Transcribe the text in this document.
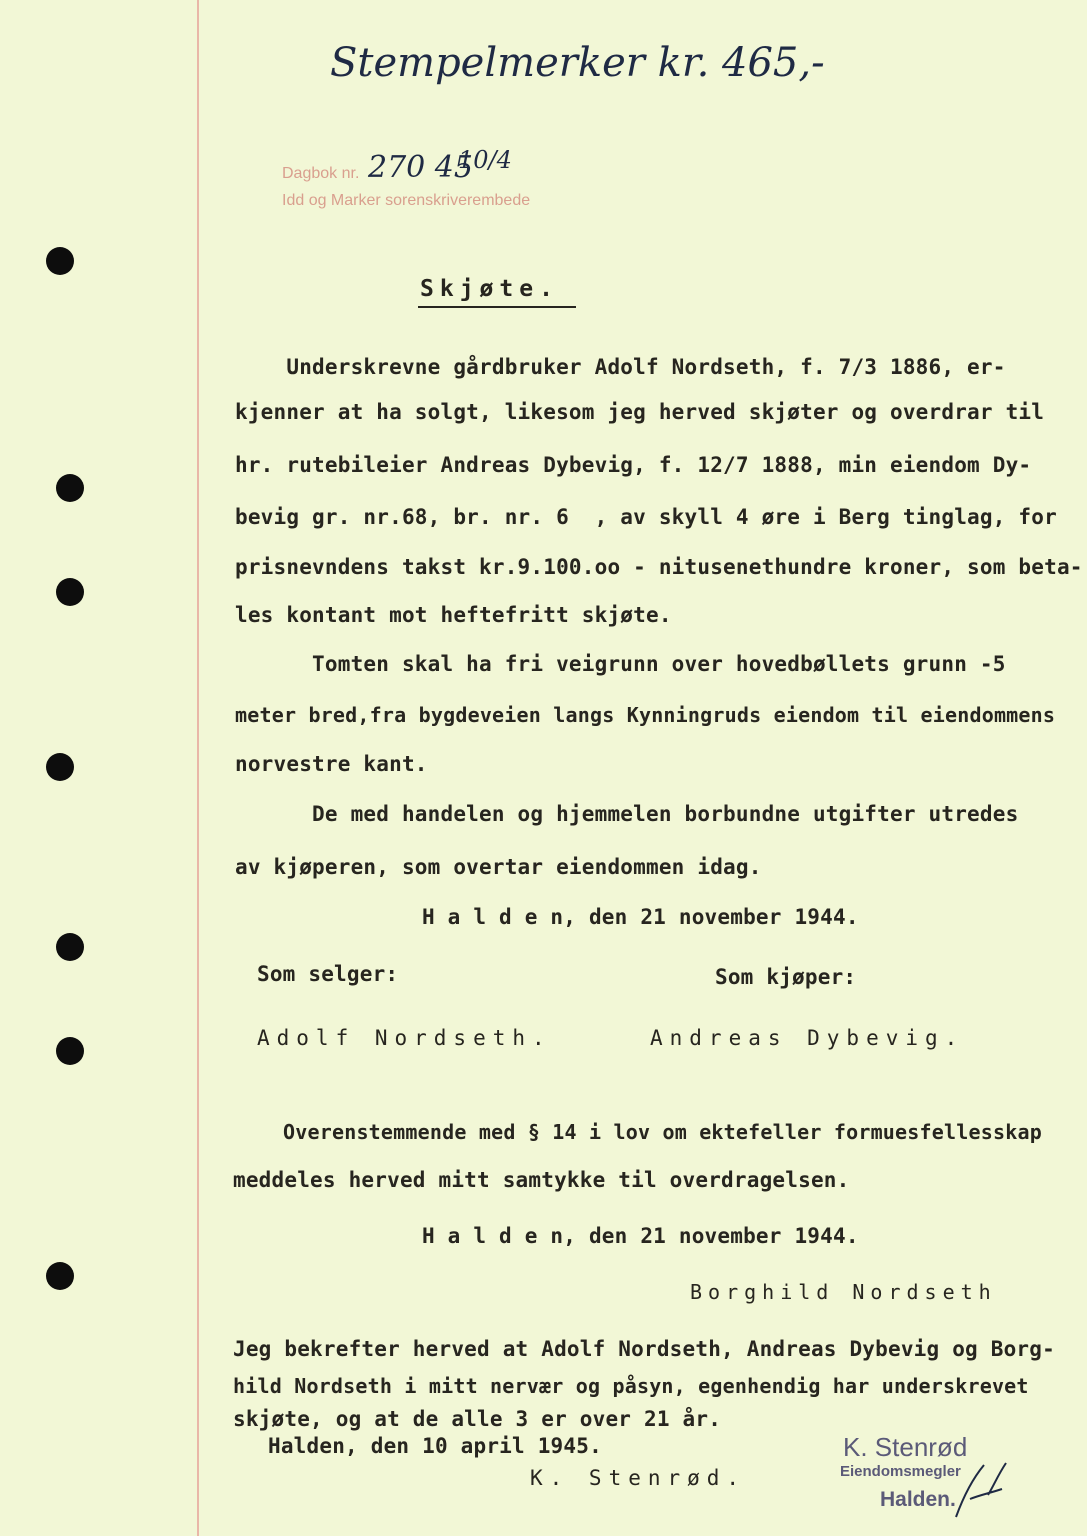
Stempelmerker kr. 465,-
Dagbok nr. 270 45
10/4
Idd og Marker sorenskriverembede
Skjøte.
Underskrevne gårdbruker Adolf Nordseth, f. 7/3 1886, er-
kjenner at ha solgt, likesom jeg herved skjøter og overdrar til
hr. rutebileier Andreas Dybevig, f. 12/7 1888, min eiendom Dy-
bevig gr. nr.68, br. nr. 6  , av skyll 4 øre i Berg tinglag, for
prisnevndens takst kr.9.100.oo - nitusenethundre kroner, som beta-
les kontant mot heftefritt skjøte.
Tomten skal ha fri veigrunn over hovedbøllets grunn -5
meter bred,fra bygdeveien langs Kynningruds eiendom til eiendommens
norvestre kant.
De med handelen og hjemmelen borbundne utgifter utredes
av kjøperen, som overtar eiendommen idag.
H a l d e n, den 21 november 1944.
Som selger:	Som kjøper:
Adolf Nordseth.	Andreas Dybevig.
Overenstemmende med § 14 i lov om ektefeller formuesfellesskap
meddeles herved mitt samtykke til overdragelsen.
H a l d e n, den 21 november 1944.
Borghild Nordseth
Jeg bekrefter herved at Adolf Nordseth, Andreas Dybevig og Borg-
hild Nordseth i mitt nervær og påsyn, egenhendig har underskrevet
skjøte, og at de alle 3 er over 21 år.
Halden, den 10 april 1945.
K. Stenrød.
K. Stenrød
Eiendomsmegler
Halden.
